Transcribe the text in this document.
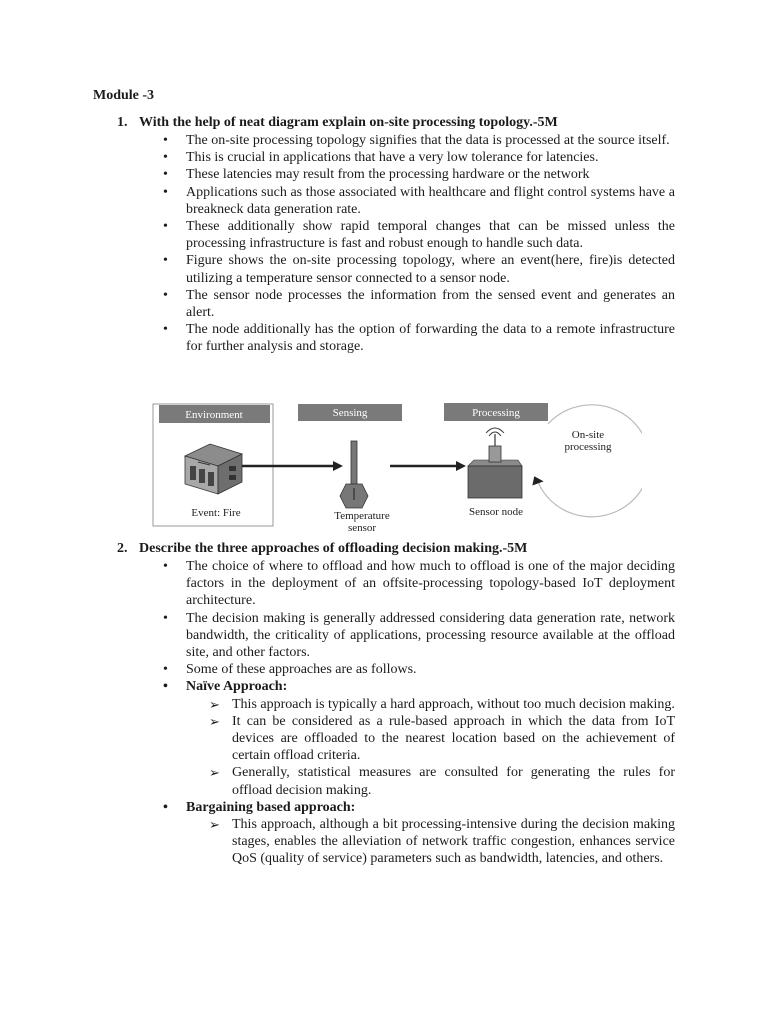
Module -3
1. With the help of neat diagram explain on-site processing topology.-5M
• The on-site processing topology signifies that the data is processed at the source itself.
• This is crucial in applications that have a very low tolerance for latencies.
• These latencies may result from the processing hardware or the network
• Applications such as those associated with healthcare and flight control systems have a breakneck data generation rate.
• These additionally show rapid temporal changes that can be missed unless the processing infrastructure is fast and robust enough to handle such data.
• Figure shows the on-site processing topology, where an event(here, fire)is detected utilizing a temperature sensor connected to a sensor node.
• The sensor node processes the information from the sensed event and generates an alert.
• The node additionally has the option of forwarding the data to a remote infrastructure for further analysis and storage.
Environment
Event: Fire
Sensing
Temperature
sensor
Processing
Sensor node
On-site
processing
2. Describe the three approaches of offloading decision making.-5M
• The choice of where to offload and how much to offload is one of the major deciding factors in the deployment of an offsite-processing topology-based IoT deployment architecture.
• The decision making is generally addressed considering data generation rate, network bandwidth, the criticality of applications, processing resource available at the offload site, and other factors.
• Some of these approaches are as follows.
• Naïve Approach:
➢ This approach is typically a hard approach, without too much decision making.
➢ It can be considered as a rule-based approach in which the data from IoT devices are offloaded to the nearest location based on the achievement of certain offload criteria.
➢ Generally, statistical measures are consulted for generating the rules for offload decision making.
• Bargaining based approach:
➢ This approach, although a bit processing-intensive during the decision making stages, enables the alleviation of network traffic congestion, enhances service QoS (quality of service) parameters such as bandwidth, latencies, and others.
